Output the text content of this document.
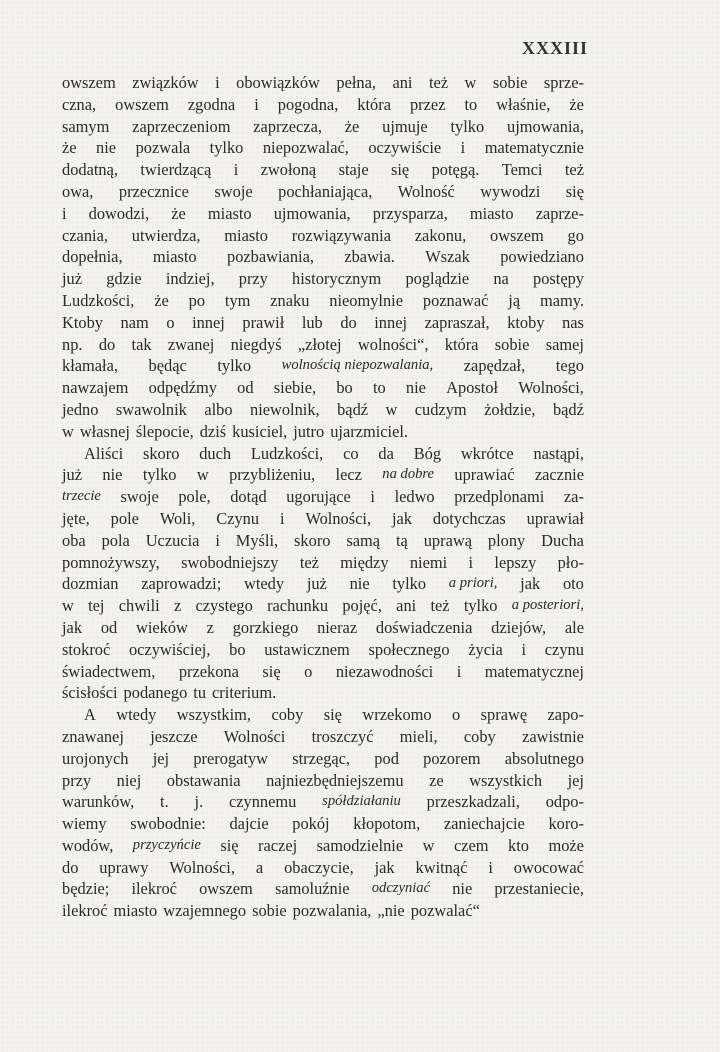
XXXIII
owszem związków i obowiązków pełna, ani też w sobie sprze-
czna, owszem zgodna i pogodna, która przez to właśnie, że
samym zaprzeczeniom zaprzecza, że ujmuje tylko ujmowania,
że nie pozwala tylko niepozwalać, oczywiście i matematycznie
dodatną, twierdzącą i zwołoną staje się potęgą. Temci też
owa, przecznice swoje pochłaniająca, Wolność wywodzi się
i dowodzi, że miasto ujmowania, przysparza, miasto zaprze-
czania, utwierdza, miasto rozwiązywania zakonu, owszem go
dopełnia, miasto pozbawiania, zbawia. Wszak powiedziano
już gdzie indziej, przy historycznym poglądzie na postępy
Ludzkości, że po tym znaku nieomylnie poznawać ją mamy.
Ktoby nam o innej prawił lub do innej zapraszał, ktoby nas
np. do tak zwanej niegdyś „złotej wolności“, która sobie samej
kłamała, będąc tylko wolnością niepozwalania, zapędzał, tego
nawzajem odpędźmy od siebie, bo to nie Apostoł Wolności,
jedno swawolnik albo niewolnik, bądź w cudzym żołdzie, bądź
w własnej ślepocie, dziś kusiciel, jutro ujarzmiciel.
Aliści skoro duch Ludzkości, co da Bóg wkrótce nastąpi,
już nie tylko w przybliżeniu, lecz na dobre uprawiać zacznie
trzecie swoje pole, dotąd ugorujące i ledwo przedplonami za-
jęte, pole Woli, Czynu i Wolności, jak dotychczas uprawiał
oba pola Uczucia i Myśli, skoro samą tą uprawą plony Ducha
pomnożywszy, swobodniejszy też między niemi i lepszy pło-
dozmian zaprowadzi; wtedy już nie tylko a priori, jak oto
w tej chwili z czystego rachunku pojęć, ani też tylko a posteriori,
jak od wieków z gorzkiego nieraz doświadczenia dziejów, ale
stokroć oczywiściej, bo ustawicznem społecznego życia i czynu
świadectwem, przekona się o niezawodności i matematycznej
ścisłości podanego tu criterium.
A wtedy wszystkim, coby się wrzekomo o sprawę zapo-
znawanej jeszcze Wolności troszczyć mieli, coby zawistnie
urojonych jej prerogatyw strzegąc, pod pozorem absolutnego
przy niej obstawania najniezbędniejszemu ze wszystkich jej
warunków, t. j. czynnemu spółdziałaniu przeszkadzali, odpo-
wiemy swobodnie: dajcie pokój kłopotom, zaniechajcie koro-
wodów, przyczyńcie się raczej samodzielnie w czem kto może
do uprawy Wolności, a obaczycie, jak kwitnąć i owocować
będzie; ilekroć owszem samoluźnie odczyniać nie przestaniecie,
ilekroć miasto wzajemnego sobie pozwalania, „nie pozwalać“
